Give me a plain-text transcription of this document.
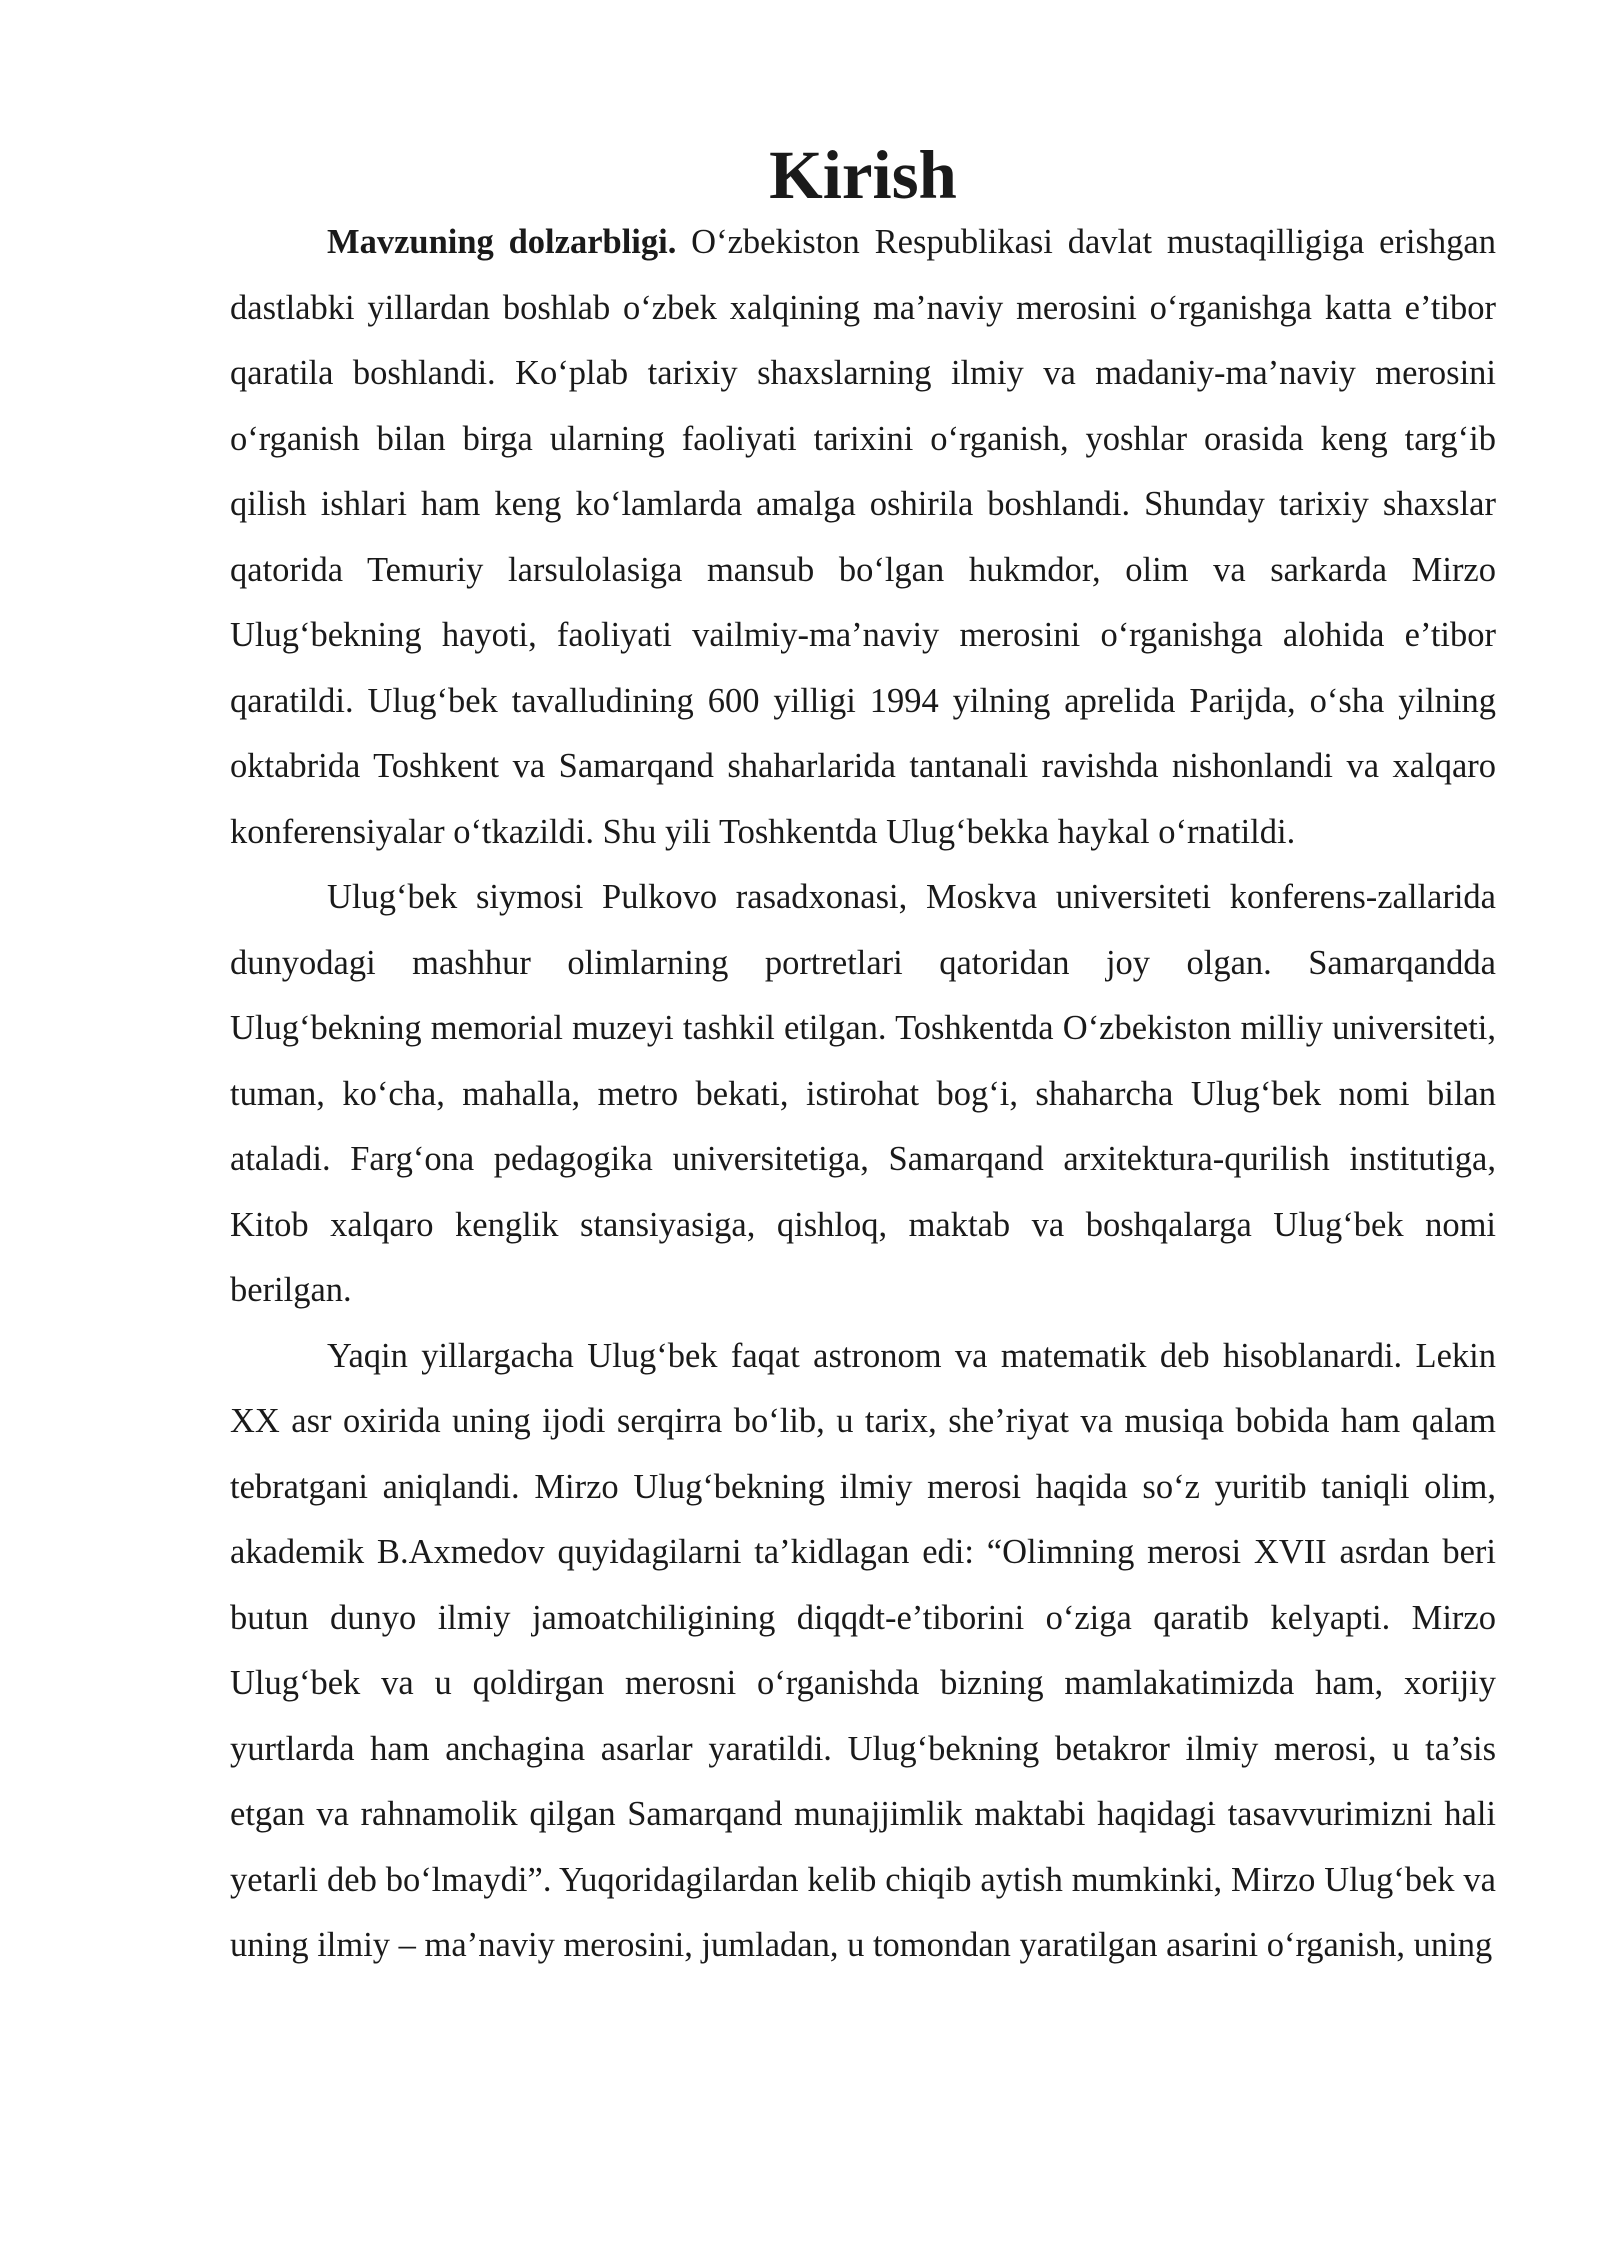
Kirish

Mavzuning dolzarbligi. O‘zbekiston Respublikasi davlat mustaqilligiga erishgan dastlabki yillardan boshlab o‘zbek xalqining ma’naviy merosini o‘rganishga katta e’tibor qaratila boshlandi. Ko‘plab tarixiy shaxslarning ilmiy va madaniy-ma’naviy merosini o‘rganish bilan birga ularning faoliyati tarixini o‘rganish, yoshlar orasida keng targ‘ib qilish ishlari ham keng ko‘lamlarda amalga oshirila boshlandi. Shunday tarixiy shaxslar qatorida Temuriy larsulolasiga mansub bo‘lgan hukmdor, olim va sarkarda Mirzo Ulug‘bekning hayoti, faoliyati vailmiy-ma’naviy merosini o‘rganishga alohida e’tibor qaratildi. Ulug‘bek tavalludining 600 yilligi 1994 yilning aprelida Parijda, o‘sha yilning oktabrida Toshkent va Samarqand shaharlarida tantanali ravishda nishonlandi va xalqaro konferensiyalar o‘tkazildi. Shu yili Toshkentda Ulug‘bekka haykal o‘rnatildi.

Ulug‘bek siymosi Pulkovo rasadxonasi, Moskva universiteti konferens-zallarida dunyodagi mashhur olimlarning portretlari qatoridan joy olgan. Samarqandda Ulug‘bekning memorial muzeyi tashkil etilgan. Toshkentda O‘zbekiston milliy universiteti, tuman, ko‘cha, mahalla, metro bekati, istirohat bog‘i, shaharcha Ulug‘bek nomi bilan ataladi. Farg‘ona pedagogika universitetiga, Samarqand arxitektura-qurilish institutiga, Kitob xalqaro kenglik stansiyasiga, qishloq, maktab va boshqalarga Ulug‘bek nomi berilgan.

Yaqin yillargacha Ulug‘bek faqat astronom va matematik deb hisoblanardi. Lekin XX asr oxirida uning ijodi serqirra bo‘lib, u tarix, she’riyat va musiqa bobida ham qalam tebratgani aniqlandi. Mirzo Ulug‘bekning ilmiy merosi haqida so‘z yuritib taniqli olim, akademik B.Axmedov quyidagilarni ta’kidlagan edi: “Olimning merosi XVII asrdan beri butun dunyo ilmiy jamoatchiligining diqqdt-e’tiborini o‘ziga qaratib kelyapti. Mirzo Ulug‘bek va u qoldirgan merosni o‘rganishda bizning mamlakatimizda ham, xorijiy yurtlarda ham anchagina asarlar yaratildi. Ulug‘bekning betakror ilmiy merosi, u ta’sis etgan va rahnamolik qilgan Samarqand munajjimlik maktabi haqidagi tasavvurimizni hali yetarli deb bo‘lmaydi”. Yuqoridagilardan kelib chiqib aytish mumkinki, Mirzo Ulug‘bek va uning ilmiy – ma’naviy merosini, jumladan, u tomondan yaratilgan asarini o‘rganish, uning
